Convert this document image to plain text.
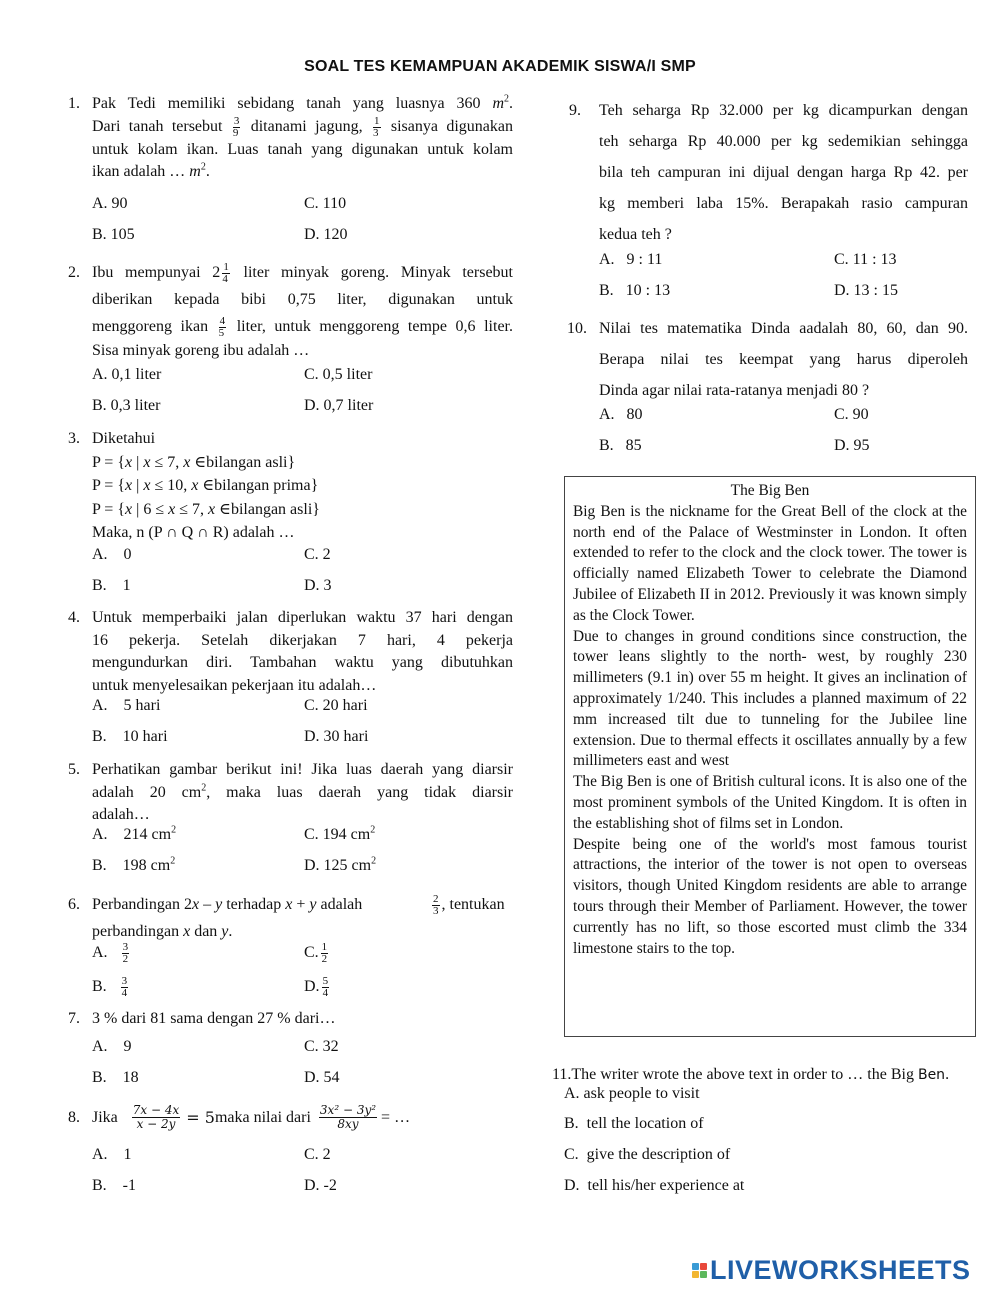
SOAL TES KEMAMPUAN AKADEMIK SISWA/I SMP
1. Pak Tedi memiliki sebidang tanah yang luasnya 360 $m^2$.
Dari tanah tersebut $\frac{3}{9}$ ditanami jagung, $\frac{1}{3}$ sisanya digunakan
untuk kolam ikan. Luas tanah yang digunakan untuk kolam
ikan adalah … $m^2$.
A. 90	C. 110
B. 105	D. 120
2. Ibu mempunyai $2 \frac{1}{4}$ liter minyak goreng. Minyak tersebut
diberikan kepada bibi 0,75 liter, digunakan untuk
menggoreng ikan $\frac{4}{5}$ liter, untuk menggoreng tempe 0,6 liter.
Sisa minyak goreng ibu adalah …
A. 0,1 liter	C. 0,5 liter
B. 0,3 liter	D. 0,7 liter
3. Diketahui
P = {x | x ≤ 7, x ∈bilangan asli}
P = {x | x ≤ 10, x ∈bilangan prima}
P = {x | 6 ≤ x ≤ 7, x ∈bilangan asli}
Maka, n (P ∩ Q ∩ R) adalah …
A.    0	C. 2
B.    1	D. 3
4. Untuk memperbaiki jalan diperlukan waktu 37 hari dengan
16 pekerja. Setelah dikerjakan 7 hari, 4 pekerja
mengundurkan diri. Tambahan waktu yang dibutuhkan
untuk menyelesaikan pekerjaan itu adalah…
A.    5 hari	C. 20 hari
B.    10 hari	D. 30 hari
5. Perhatikan gambar berikut ini! Jika luas daerah yang diarsir
adalah 20 $cm^2$, maka luas daerah yang tidak diarsir
adalah…
A.    214 $cm^2$	C. 194 $cm^2$
B.    198 $cm^2$	D. 125 $cm^2$
6. Perbandingan 2x – y terhadap x + y adalah	$\frac{2}{3}$ , tentukan
perbandingan x dan y.
A. $\frac{3}{2}$	C. $\frac{1}{2}$
B. $\frac{3}{4}$	D. $\frac{5}{4}$
7. 3 % dari 81 sama dengan 27 % dari…
A.    9	C. 32
B.    18	D. 54
8. Jika $\frac{7x - 4x}{x - 2y} = 5$ maka nilai dari $\frac{\text{3x² − 3y²}}{8xy}$ = …
A.    1	C. 2
B.    -1	D. -2
9. Teh seharga Rp 32.000 per kg dicampurkan dengan
teh seharga Rp 40.000 per kg sedemikian sehingga
bila teh campuran ini dijual dengan harga Rp 42. per
kg memberi laba 15%. Berapakah rasio campuran
kedua teh ?
A.   9 : 11	C. 11 : 13
B.   10 : 13	D. 13 : 15
10. Nilai tes matematika Dinda aadalah 80, 60, dan 90.
Berapa nilai tes keempat yang harus diperoleh
Dinda agar nilai rata-ratanya menjadi 80 ?
A.   80	C. 90
B.   85	D. 95
The Big Ben
Big Ben is the nickname for the Great Bell of the clock at the north end of the Palace of Westminster in London. It often extended to refer to the clock and the clock tower. The tower is officially named Elizabeth Tower to celebrate the Diamond Jubilee of Elizabeth II in 2012. Previously it was known simply as the Clock Tower.
Due to changes in ground conditions since construction, the tower leans slightly to the north- west, by roughly 230 millimeters (9.1 in) over 55 m height. It gives an inclination of approximately 1/240. This includes a planned maximum of 22 mm increased tilt due to tunneling for the Jubilee line extension. Due to thermal effects it oscillates annually by a few millimeters east and west
The Big Ben is one of British cultural icons. It is also one of the most prominent symbols of the United Kingdom. It is often in the establishing shot of films set in London.
Despite being one of the world's most famous tourist attractions, the interior of the tower is not open to overseas visitors, though United Kingdom residents are able to arrange tours through their Member of Parliament. However, the tower currently has no lift, so those escorted must climb the 334 limestone stairs to the top.
11.The writer wrote the above text in order to … the Big Ben.
A. ask people to visit
B.  tell the location of
C.  give the description of
D.  tell his/her experience at
LIVEWORKSHEETS
